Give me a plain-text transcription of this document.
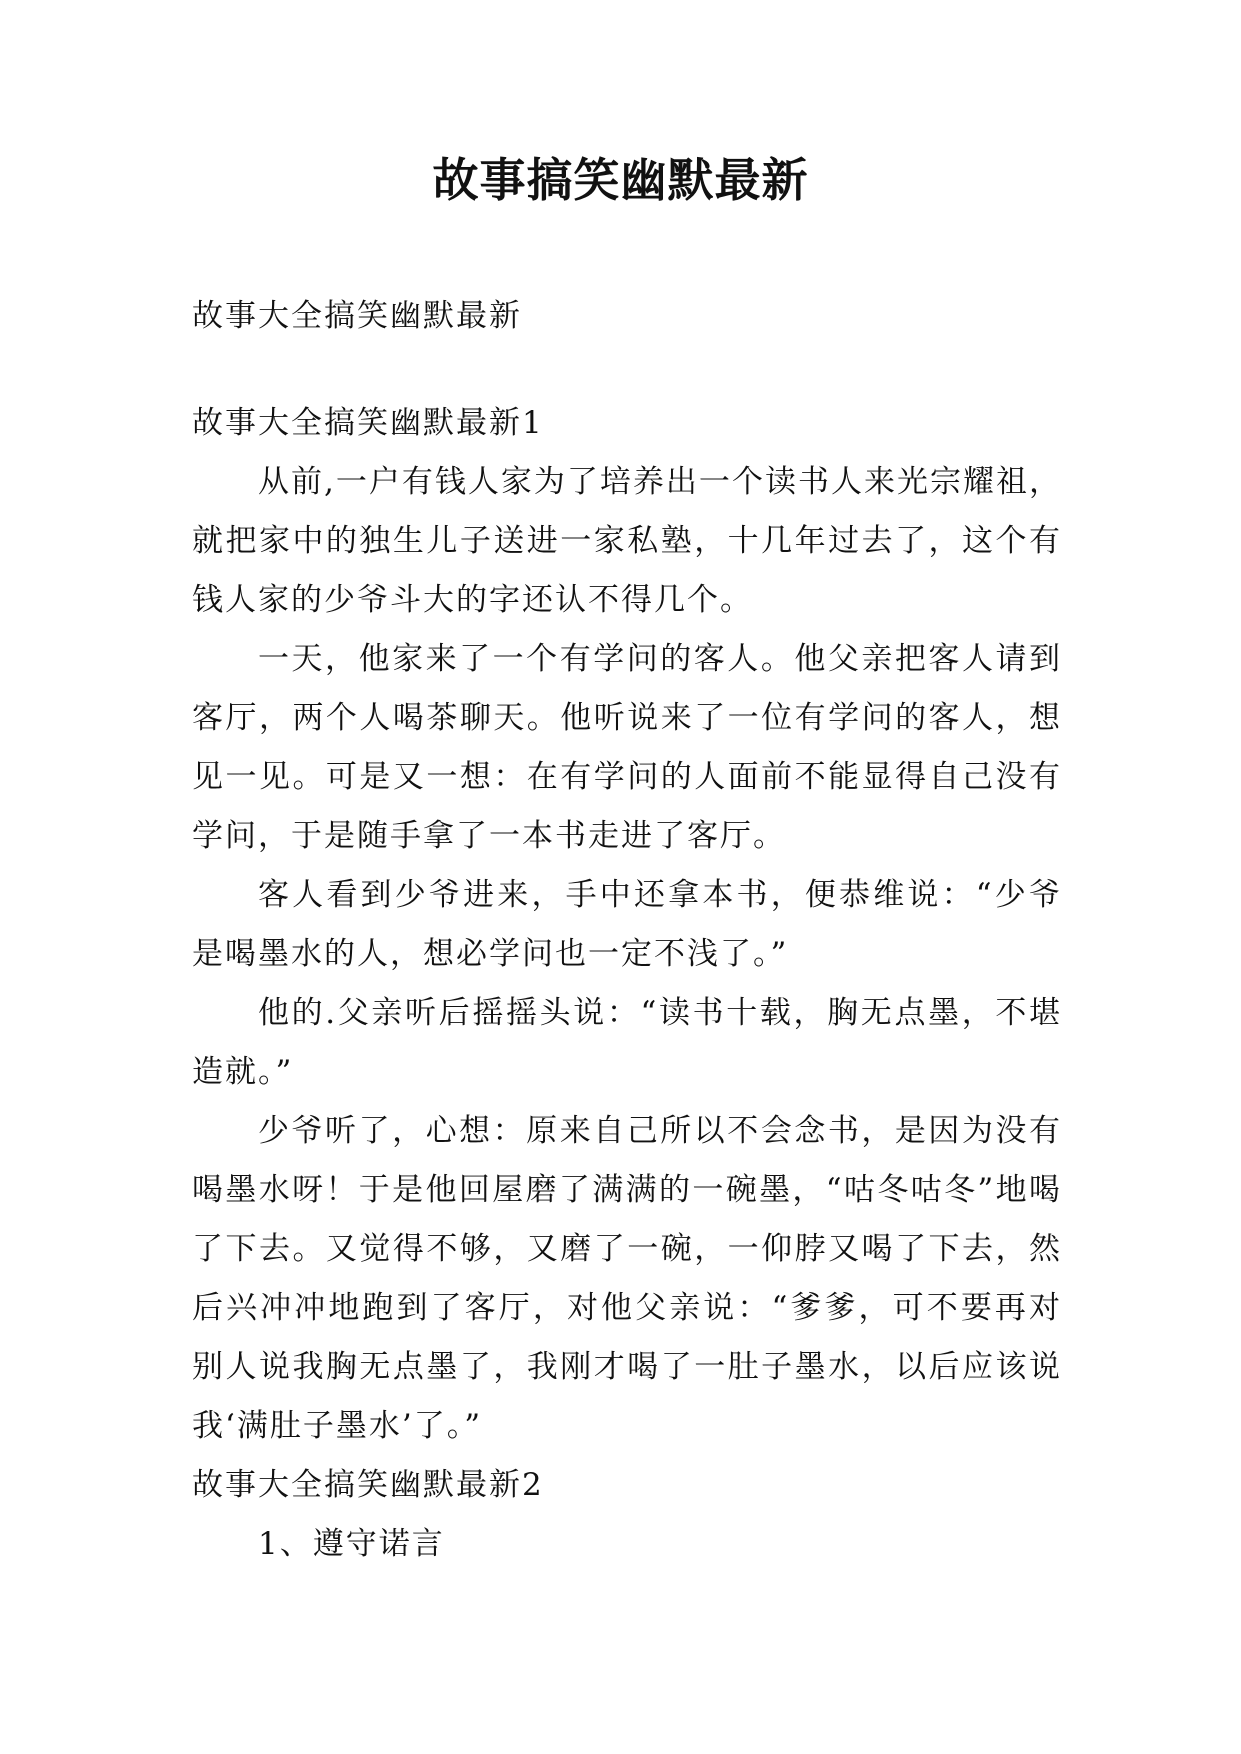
故事搞笑幽默最新

故事大全搞笑幽默最新

故事大全搞笑幽默最新1

从前,一户有钱人家为了培养出一个读书人来光宗耀祖，就把家中的独生儿子送进一家私塾，十几年过去了，这个有钱人家的少爷斗大的字还认不得几个。

一天，他家来了一个有学问的客人。他父亲把客人请到客厅，两个人喝茶聊天。他听说来了一位有学问的客人，想见一见。可是又一想：在有学问的人面前不能显得自己没有学问，于是随手拿了一本书走进了客厅。

客人看到少爷进来，手中还拿本书，便恭维说：“少爷是喝墨水的人，想必学问也一定不浅了。”

他的.父亲听后摇摇头说：“读书十载，胸无点墨，不堪造就。”

少爷听了，心想：原来自己所以不会念书，是因为没有喝墨水呀！于是他回屋磨了满满的一碗墨，“咕冬咕冬”地喝了下去。又觉得不够，又磨了一碗，一仰脖又喝了下去，然后兴冲冲地跑到了客厅，对他父亲说：“爹爹，可不要再对别人说我胸无点墨了，我刚才喝了一肚子墨水，以后应该说我‘满肚子墨水’了。”

故事大全搞笑幽默最新2

1、遵守诺言
